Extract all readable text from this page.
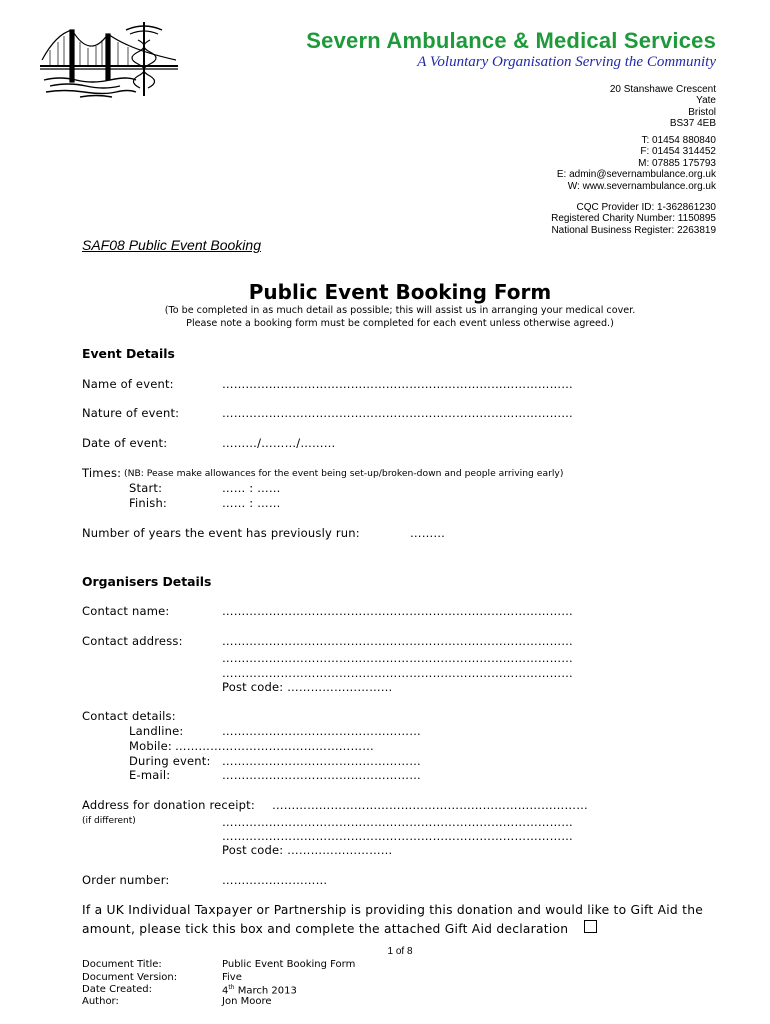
Severn Ambulance & Medical Services
A Voluntary Organisation Serving the Community
20 Stanshawe Crescent
Yate
Bristol
BS37 4EB
T: 01454 880840
F: 01454 314452
M: 07885 175793
E: admin@severnambulance.org.uk
W: www.severnambulance.org.uk
CQC Provider ID: 1-362861230
Registered Charity Number: 1150895
National Business Register: 2263819
SAF08 Public Event Booking
Public Event Booking Form
(To be completed in as much detail as possible; this will assist us in arranging your medical cover.
Please note a booking form must be completed for each event unless otherwise agreed.)
Event Details
Name of event:	………………………………………………………………………………
Nature of event:	………………………………………………………………………………
Date of event:	………/………/………
Times: (NB: Pease make allowances for the event being set-up/broken-down and people arriving early)
Start:	…… : ……
Finish:	…… : ……
Number of years the event has previously run:	………
Organisers Details
Contact name:	………………………………………………………………………………
Contact address:	………………………………………………………………………………
………………………………………………………………………………
………………………………………………………………………………
Post code: ………………………
Contact details:
Landline:	……………………………………………
Mobile: ……………………………………………
During event: ……………………………………………
E-mail:	……………………………………………
Address for donation receipt: ………………………………………………………………………
(if different)	………………………………………………………………………………
………………………………………………………………………………
Post code: ………………………
Order number:	………………………
If a UK Individual Taxpayer or Partnership is providing this donation and would like to Gift Aid the
amount, please tick this box and complete the attached Gift Aid declaration
1 of 8
Document Title:	Public Event Booking Form
Document Version:	Five
Date Created:	4th March 2013
Author:	Jon Moore
